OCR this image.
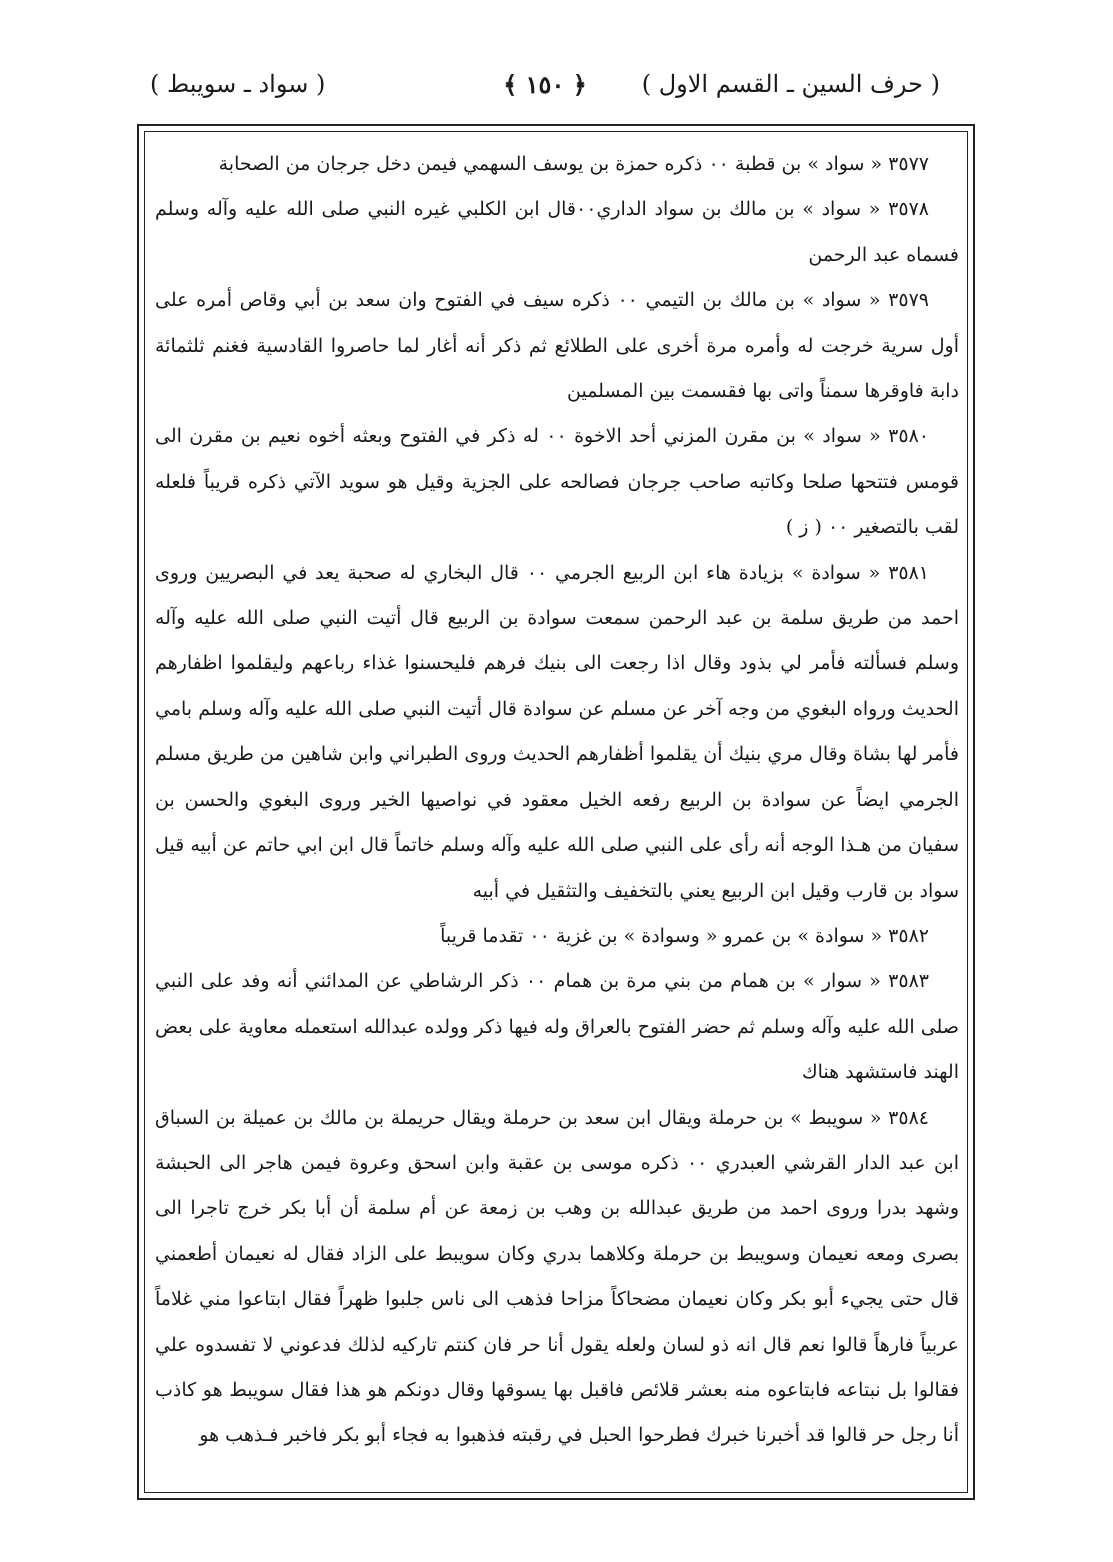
( حرف السين ـ القسم الاول )
﴿ ١٥٠ ﴾
( سواد ـ سويبط )

٣٥٧٧ « سواد » بن قطبة ٠٠ ذكره حمزة بن يوسف السهمي فيمن دخل جرجان من الصحابة

٣٥٧٨ « سواد » بن مالك بن سواد الداري٠٠قال ابن الكلبي غيره النبي صلى الله عليه وآله وسلم فسماه عبد الرحمن

٣٥٧٩ « سواد » بن مالك بن التيمي ٠٠ ذكره سيف في الفتوح وان سعد بن أبي وقاص أمره على أول سرية خرجت له وأمره مرة أخرى على الطلائع ثم ذكر أنه أغار لما حاصروا القادسية فغنم ثلثمائة دابة فاوقرها سمناً واتى بها فقسمت بين المسلمين

٣٥٨٠ « سواد » بن مقرن المزني أحد الاخوة ٠٠ له ذكر في الفتوح وبعثه أخوه نعيم بن مقرن الى قومس فتتحها صلحا وكاتبه صاحب جرجان فصالحه على الجزية وقيل هو سويد الآتي ذكره قريباً فلعله لقب بالتصغير ٠٠ ( ز )

٣٥٨١ « سوادة » بزيادة هاء ابن الربيع الجرمي ٠٠ قال البخاري له صحبة يعد في البصريين وروى احمد من طريق سلمة بن عبد الرحمن سمعت سوادة بن الربيع قال أتيت النبي صلى الله عليه وآله وسلم فسألته فأمر لي بذود وقال اذا رجعت الى بنيك فرهم فليحسنوا غذاء رباعهم وليقلموا اظفارهم الحديث ورواه البغوي من وجه آخر عن مسلم عن سوادة قال أتيت النبي صلى الله عليه وآله وسلم بامي فأمر لها بشاة وقال مري بنيك أن يقلموا أظفارهم الحديث وروى الطبراني وابن شاهين من طريق مسلم الجرمي ايضاً عن سوادة بن الربيع رفعه الخيل معقود في نواصيها الخير وروى البغوي والحسن بن سفيان من هـذا الوجه أنه رأى على النبي صلى الله عليه وآله وسلم خاتماً قال ابن ابي حاتم عن أبيه قيل سواد بن قارب وقيل ابن الربيع يعني بالتخفيف والتثقيل في أبيه

٣٥٨٢ « سوادة » بن عمرو « وسوادة » بن غزية ٠٠ تقدما قريباً

٣٥٨٣ « سوار » بن همام من بني مرة بن همام ٠٠ ذكر الرشاطي عن المدائني أنه وفد على النبي صلى الله عليه وآله وسلم ثم حضر الفتوح بالعراق وله فيها ذكر وولده عبدالله استعمله معاوية على بعض الهند فاستشهد هناك

٣٥٨٤ « سويبط » بن حرملة ويقال ابن سعد بن حرملة ويقال حريملة بن مالك بن عميلة بن السباق ابن عبد الدار القرشي العبدري ٠٠ ذكره موسى بن عقبة وابن اسحق وعروة فيمن هاجر الى الحبشة وشهد بدرا وروى احمد من طريق عبدالله بن وهب بن زمعة عن أم سلمة أن أبا بكر خرج تاجرا الى بصرى ومعه نعيمان وسويبط بن حرملة وكلاهما بدري وكان سويبط على الزاد فقال له نعيمان أطعمني قال حتى يجيء أبو بكر وكان نعيمان مضحاكاً مزاحا فذهب الى ناس جلبوا ظهراً فقال ابتاعوا مني غلاماً عربياً فارهاً قالوا نعم قال انه ذو لسان ولعله يقول أنا حر فان كنتم تاركيه لذلك فدعوني لا تفسدوه علي فقالوا بل نبتاعه فابتاعوه منه بعشر قلائص فاقبل بها يسوقها وقال دونكم هو هذا فقال سويبط هو كاذب أنا رجل حر قالوا قد أخبرنا خبرك فطرحوا الحبل في رقبته فذهبوا به فجاء أبو بكر فاخبر فـذهب هو
